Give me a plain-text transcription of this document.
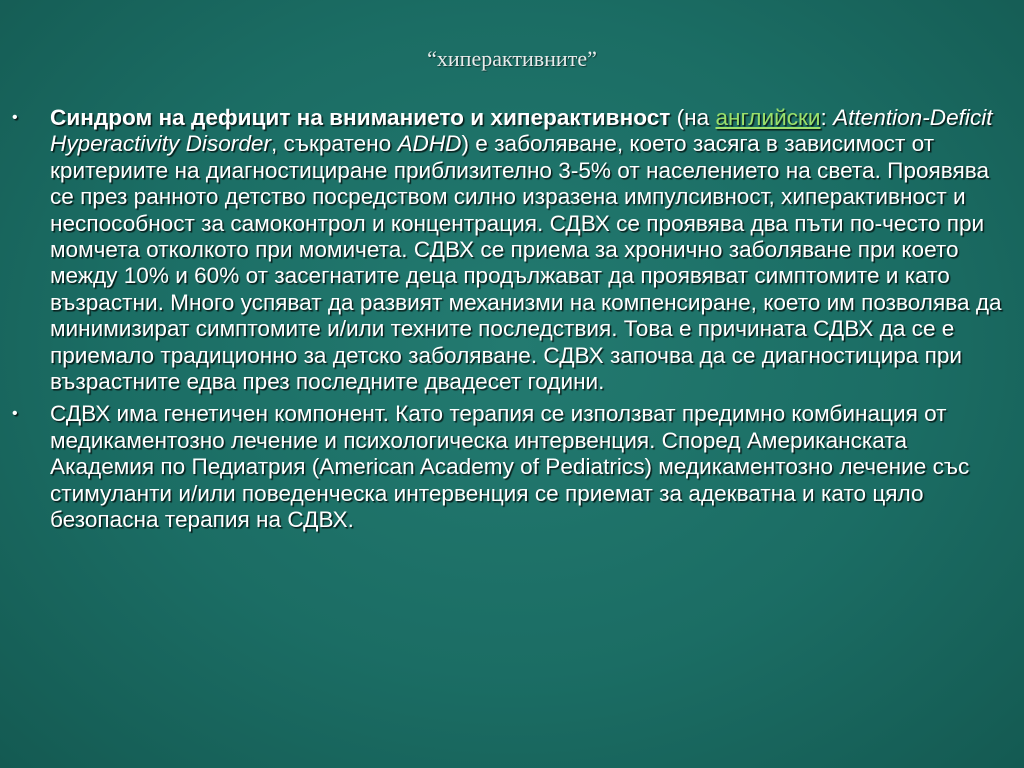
“хиперактивните”
• Синдром на дефицит на вниманието и хиперактивност (на английски: Attention-Deficit Hyperactivity Disorder, съкратено ADHD) е заболяване, което засяга в зависимост от критериите на диагностициране приблизително 3-5% от населението на света. Проявява се през ранното детство посредством силно изразена импулсивност, хиперактивност и неспособност за самоконтрол и концентрация. СДВХ се проявява два пъти по-често при момчета отколкото при момичета. СДВХ се приема за хронично заболяване при което между 10% и 60% от засегнатите деца продължават да проявяват симптомите и като възрастни. Много успяват да развият механизми на компенсиране, което им позволява да минимизират симптомите и/или техните последствия. Това е причината СДВХ да се е приемало традиционно за детско заболяване. СДВХ започва да се диагностицира при възрастните едва през последните двадесет години.
• СДВХ има генетичен компонент. Като терапия се използват предимно комбинация от медикаментозно лечение и психологическа интервенция. Според Американската Академия по Педиатрия (American Academy of Pediatrics) медикаментозно лечение със стимуланти и/или поведенческа интервенция се приемат за адекватна и като цяло безопасна терапия на СДВХ.
